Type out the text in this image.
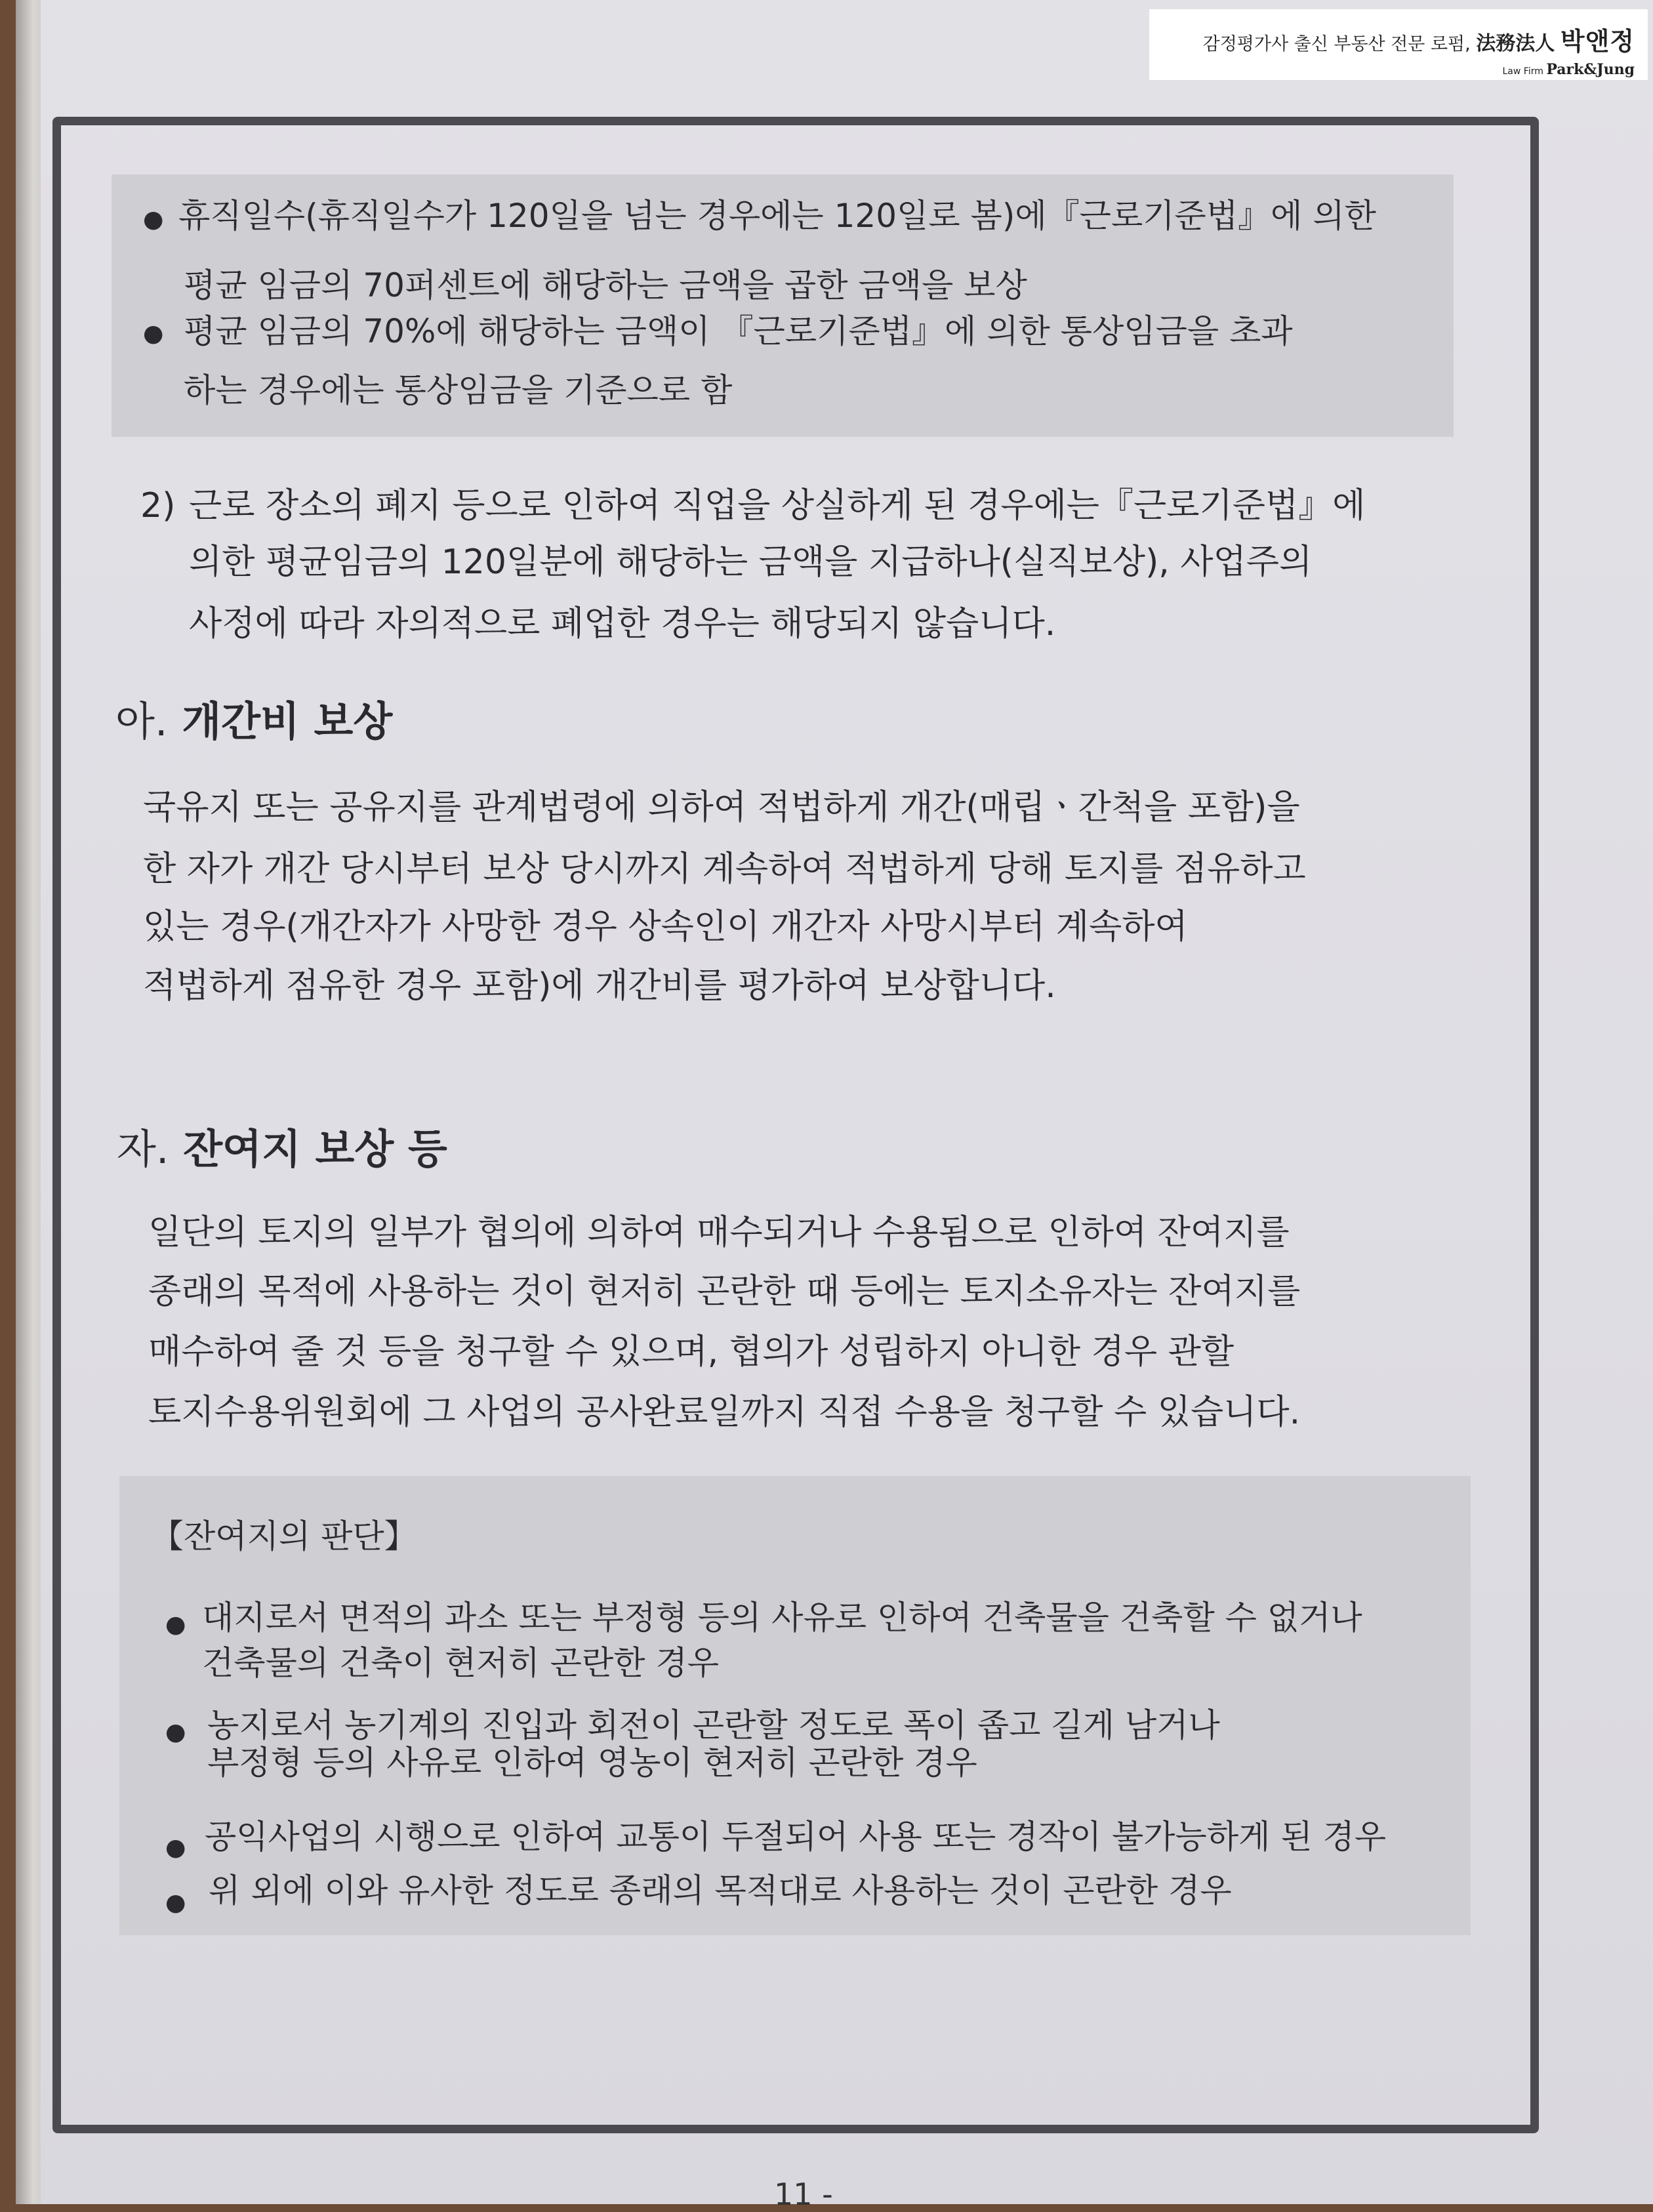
감정평가사 출신 부동산 전문 로펌, 法務法人 박앤정
Law Firm Park&Jung
● 휴직일수(휴직일수가 120일을 넘는 경우에는 120일로 봄)에『근로기준법』에 의한
평균 임금의 70퍼센트에 해당하는 금액을 곱한 금액을 보상
● 평균 임금의 70%에 해당하는 금액이 『근로기준법』에 의한 통상임금을 초과
하는 경우에는 통상임금을 기준으로 함
2) 근로 장소의 폐지 등으로 인하여 직업을 상실하게 된 경우에는『근로기준법』에
의한 평균임금의 120일분에 해당하는 금액을 지급하나(실직보상), 사업주의
사정에 따라 자의적으로 폐업한 경우는 해당되지 않습니다.
아. 개간비 보상
국유지 또는 공유지를 관계법령에 의하여 적법하게 개간(매립ㆍ간척을 포함)을
한 자가 개간 당시부터 보상 당시까지 계속하여 적법하게 당해 토지를 점유하고
있는 경우(개간자가 사망한 경우 상속인이 개간자 사망시부터 계속하여
적법하게 점유한 경우 포함)에 개간비를 평가하여 보상합니다.
자. 잔여지 보상 등
일단의 토지의 일부가 협의에 의하여 매수되거나 수용됨으로 인하여 잔여지를
종래의 목적에 사용하는 것이 현저히 곤란한 때 등에는 토지소유자는 잔여지를
매수하여 줄 것 등을 청구할 수 있으며, 협의가 성립하지 아니한 경우 관할
토지수용위원회에 그 사업의 공사완료일까지 직접 수용을 청구할 수 있습니다.
【잔여지의 판단】
● 대지로서 면적의 과소 또는 부정형 등의 사유로 인하여 건축물을 건축할 수 없거나
건축물의 건축이 현저히 곤란한 경우
● 농지로서 농기계의 진입과 회전이 곤란할 정도로 폭이 좁고 길게 남거나
부정형 등의 사유로 인하여 영농이 현저히 곤란한 경우
● 공익사업의 시행으로 인하여 교통이 두절되어 사용 또는 경작이 불가능하게 된 경우
● 위 외에 이와 유사한 정도로 종래의 목적대로 사용하는 것이 곤란한 경우
11 -
